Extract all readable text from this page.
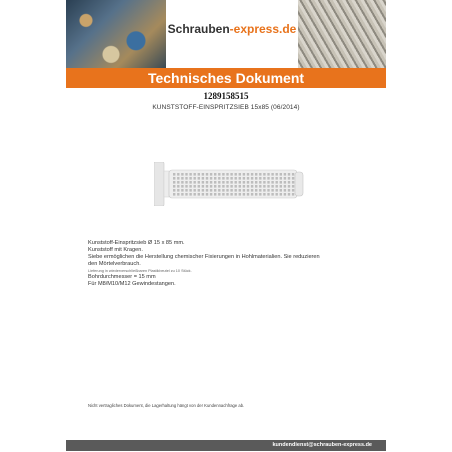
Schrauben-express.de
Technisches Dokument
1289158515
KUNSTSTOFF-EINSPRITZSIEB 15x85 (06/2014)
Kunststoff-Einspritzsieb Ø 15 x 85 mm.
Kunststoff mit Kragen.
Siebe ermöglichen die Herstellung chemischer Fixierungen in Hohlmaterialien. Sie reduzieren
den Mörtelverbrauch.
Lieferung in wiederverschließbaren Plastikbeutel zu 10 Stück.
Bohrdurchmesser = 15 mm
Für M8/M10/M12 Gewindestangen.
Nicht vertragliches Dokument, die Lagerhaltung hängt von der Kundennachfrage ab.
kundendienst@schrauben-express.de
